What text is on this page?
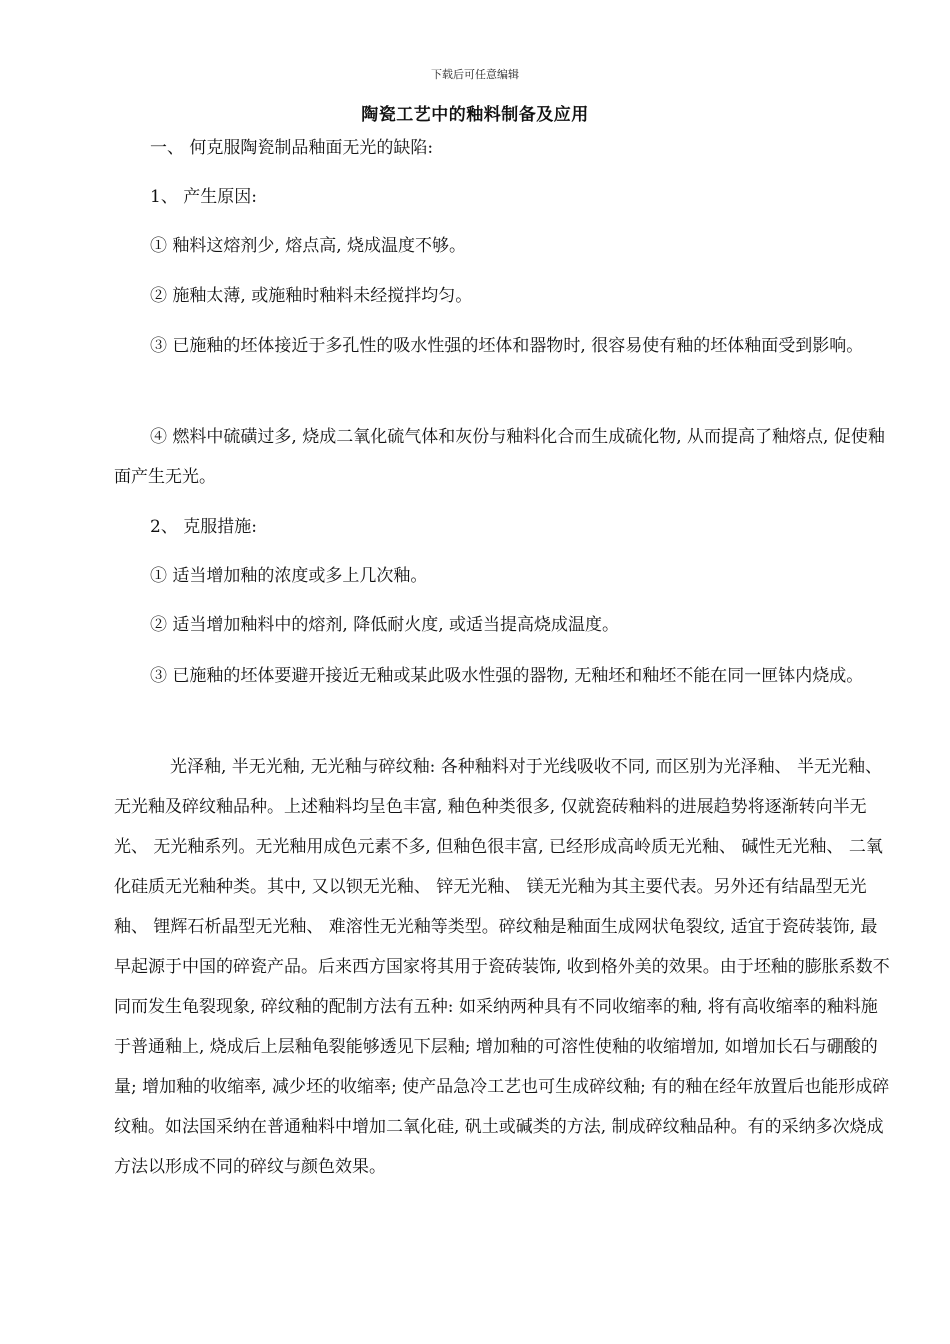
下载后可任意编辑
陶瓷工艺中的釉料制备及应用
一、 何克服陶瓷制品釉面无光的缺陷:
1、 产生原因:
① 釉料这熔剂少, 熔点高, 烧成温度不够。
② 施釉太薄, 或施釉时釉料未经搅拌均匀。

③ 已施釉的坯体接近于多孔性的吸水性强的坯体和器物时, 很容易使有釉的坯体釉面受到影响。

④ 燃料中硫磺过多, 烧成二氧化硫气体和灰份与釉料化合而生成硫化物, 从而提高了釉熔点, 促使釉面产生无光。

2、 克服措施:
① 适当增加釉的浓度或多上几次釉。
② 适当增加釉料中的熔剂, 降低耐火度, 或适当提高烧成温度。

③ 已施釉的坯体要避开接近无釉或某此吸水性强的器物, 无釉坯和釉坯不能在同一匣钵内烧成。

光泽釉, 半无光釉, 无光釉与碎纹釉: 各种釉料对于光线吸收不同, 而区别为光泽釉、 半无光釉、 无光釉及碎纹釉品种。上述釉料均呈色丰富, 釉色种类很多, 仅就瓷砖釉料的进展趋势将逐渐转向半无光、 无光釉系列。无光釉用成色元素不多, 但釉色很丰富, 已经形成高岭质无光釉、 碱性无光釉、 二氧化硅质无光釉种类。其中, 又以钡无光釉、 锌无光釉、 镁无光釉为其主要代表。另外还有结晶型无光釉、 锂辉石析晶型无光釉、 难溶性无光釉等类型。碎纹釉是釉面生成网状龟裂纹, 适宜于瓷砖装饰, 最早起源于中国的碎瓷产品。后来西方国家将其用于瓷砖装饰, 收到格外美的效果。由于坯釉的膨胀系数不同而发生龟裂现象, 碎纹釉的配制方法有五种: 如采纳两种具有不同收缩率的釉, 将有高收缩率的釉料施于普通釉上, 烧成后上层釉龟裂能够透见下层釉; 增加釉的可溶性使釉的收缩增加, 如增加长石与硼酸的量; 增加釉的收缩率, 减少坯的收缩率; 使产品急冷工艺也可生成碎纹釉; 有的釉在经年放置后也能形成碎纹釉。如法国采纳在普通釉料中增加二氧化硅, 矾土或碱类的方法, 制成碎纹釉品种。有的采纳多次烧成方法以形成不同的碎纹与颜色效果。
